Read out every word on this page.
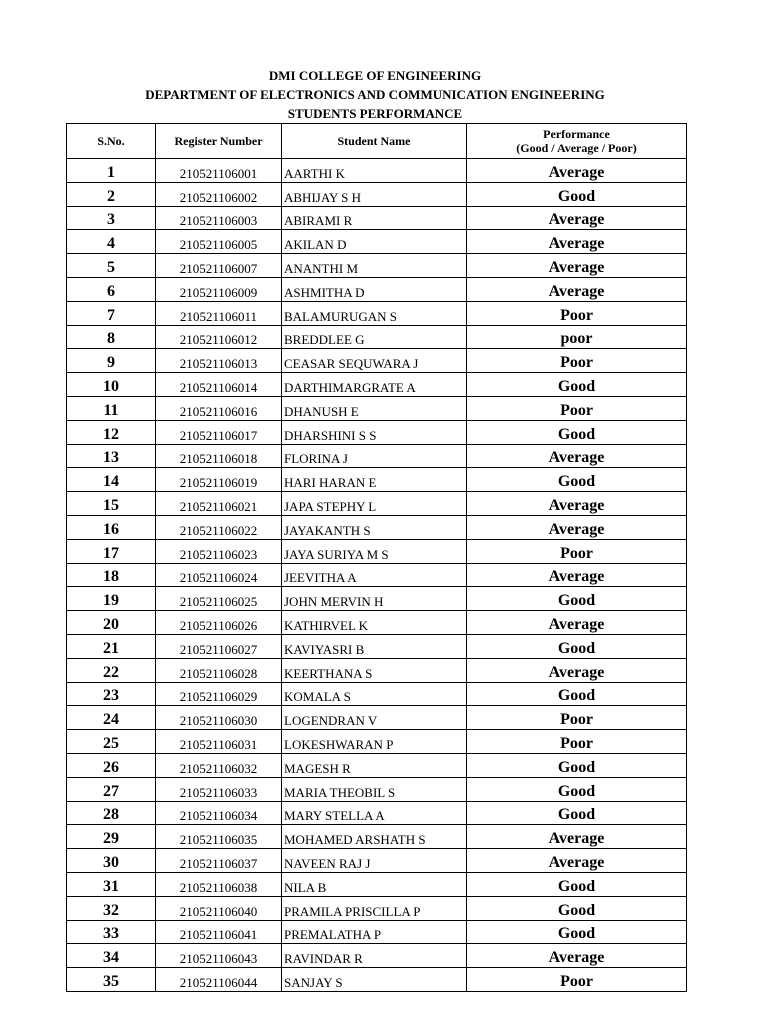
DMI COLLEGE OF ENGINEERING
DEPARTMENT OF ELECTRONICS AND COMMUNICATION ENGINEERING
STUDENTS PERFORMANCE
S.No.	Register Number	Student Name	Performance
(Good / Average / Poor)

1	210521106001	AARTHI K	Average
2	210521106002	ABHIJAY S H	Good
3	210521106003	ABIRAMI R	Average
4	210521106005	AKILAN D	Average
5	210521106007	ANANTHI M	Average
6	210521106009	ASHMITHA D	Average
7	210521106011	BALAMURUGAN S	Poor
8	210521106012	BREDDLEE G	poor
9	210521106013	CEASAR SEQUWARA J	Poor
10	210521106014	DARTHIMARGRATE A	Good
11	210521106016	DHANUSH E	Poor
12	210521106017	DHARSHINI S S	Good
13	210521106018	FLORINA J	Average
14	210521106019	HARI HARAN E	Good
15	210521106021	JAPA STEPHY L	Average
16	210521106022	JAYAKANTH S	Average
17	210521106023	JAYA SURIYA M S	Poor
18	210521106024	JEEVITHA A	Average
19	210521106025	JOHN MERVIN H	Good
20	210521106026	KATHIRVEL K	Average
21	210521106027	KAVIYASRI B	Good
22	210521106028	KEERTHANA S	Average
23	210521106029	KOMALA S	Good
24	210521106030	LOGENDRAN V	Poor
25	210521106031	LOKESHWARAN P	Poor
26	210521106032	MAGESH R	Good
27	210521106033	MARIA THEOBIL S	Good
28	210521106034	MARY STELLA A	Good
29	210521106035	MOHAMED ARSHATH S	Average
30	210521106037	NAVEEN RAJ J	Average
31	210521106038	NILA B	Good
32	210521106040	PRAMILA PRISCILLA P	Good
33	210521106041	PREMALATHA P	Good
34	210521106043	RAVINDAR R	Average
35	210521106044	SANJAY S	Poor
